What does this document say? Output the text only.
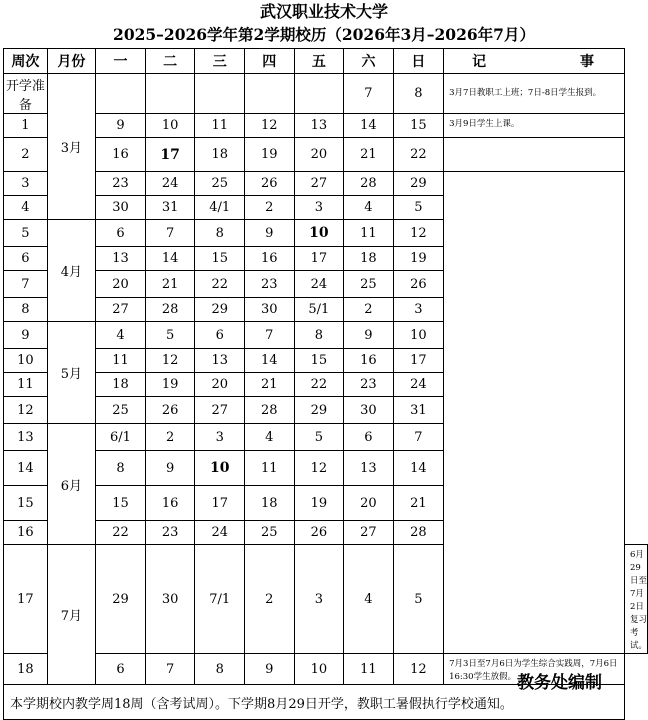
武汉职业技术大学
2025–2026学年第2学期校历（2026年3月–2026年7月）
周次	月份	一	二	三	四	五	六	日	记 事	

开学准备	3月						7	8	3月7日教职工上班；7日-8日学生报到。	
1		9	10	11	12	13	14	15	3月9日学生上课。	
2		16	17	18	19	20	21	22		
3		23	24	25	26	27	28	29		
4		30	31	4/1	2	3	4	5		
5	4月	6	7	8	9	10	11	12		
6		13	14	15	16	17	18	19		
7		20	21	22	23	24	25	26		
8		27	28	29	30	5/1	2	3		
9	5月	4	5	6	7	8	9	10		
10		11	12	13	14	15	16	17		
11		18	19	20	21	22	23	24		
12		25	26	27	28	29	30	31		
13	6月	6/1	2	3	4	5	6	7		
14		8	9	10	11	12	13	14		
15		15	16	17	18	19	20	21		
16		22	23	24	25	26	27	28		
17	7月	29	30	7/1	2	3	4	5		6月29日至7月2日复习考试。
18		6	7	8	9	10	11	12	7月3日至7月6日为学生综合实践周，7月6日16:30学生放假。	
本学期校内教学周18周（含考试周）。下学期8月29日开学，教职工暑假执行学校通知。										
教务处编制
